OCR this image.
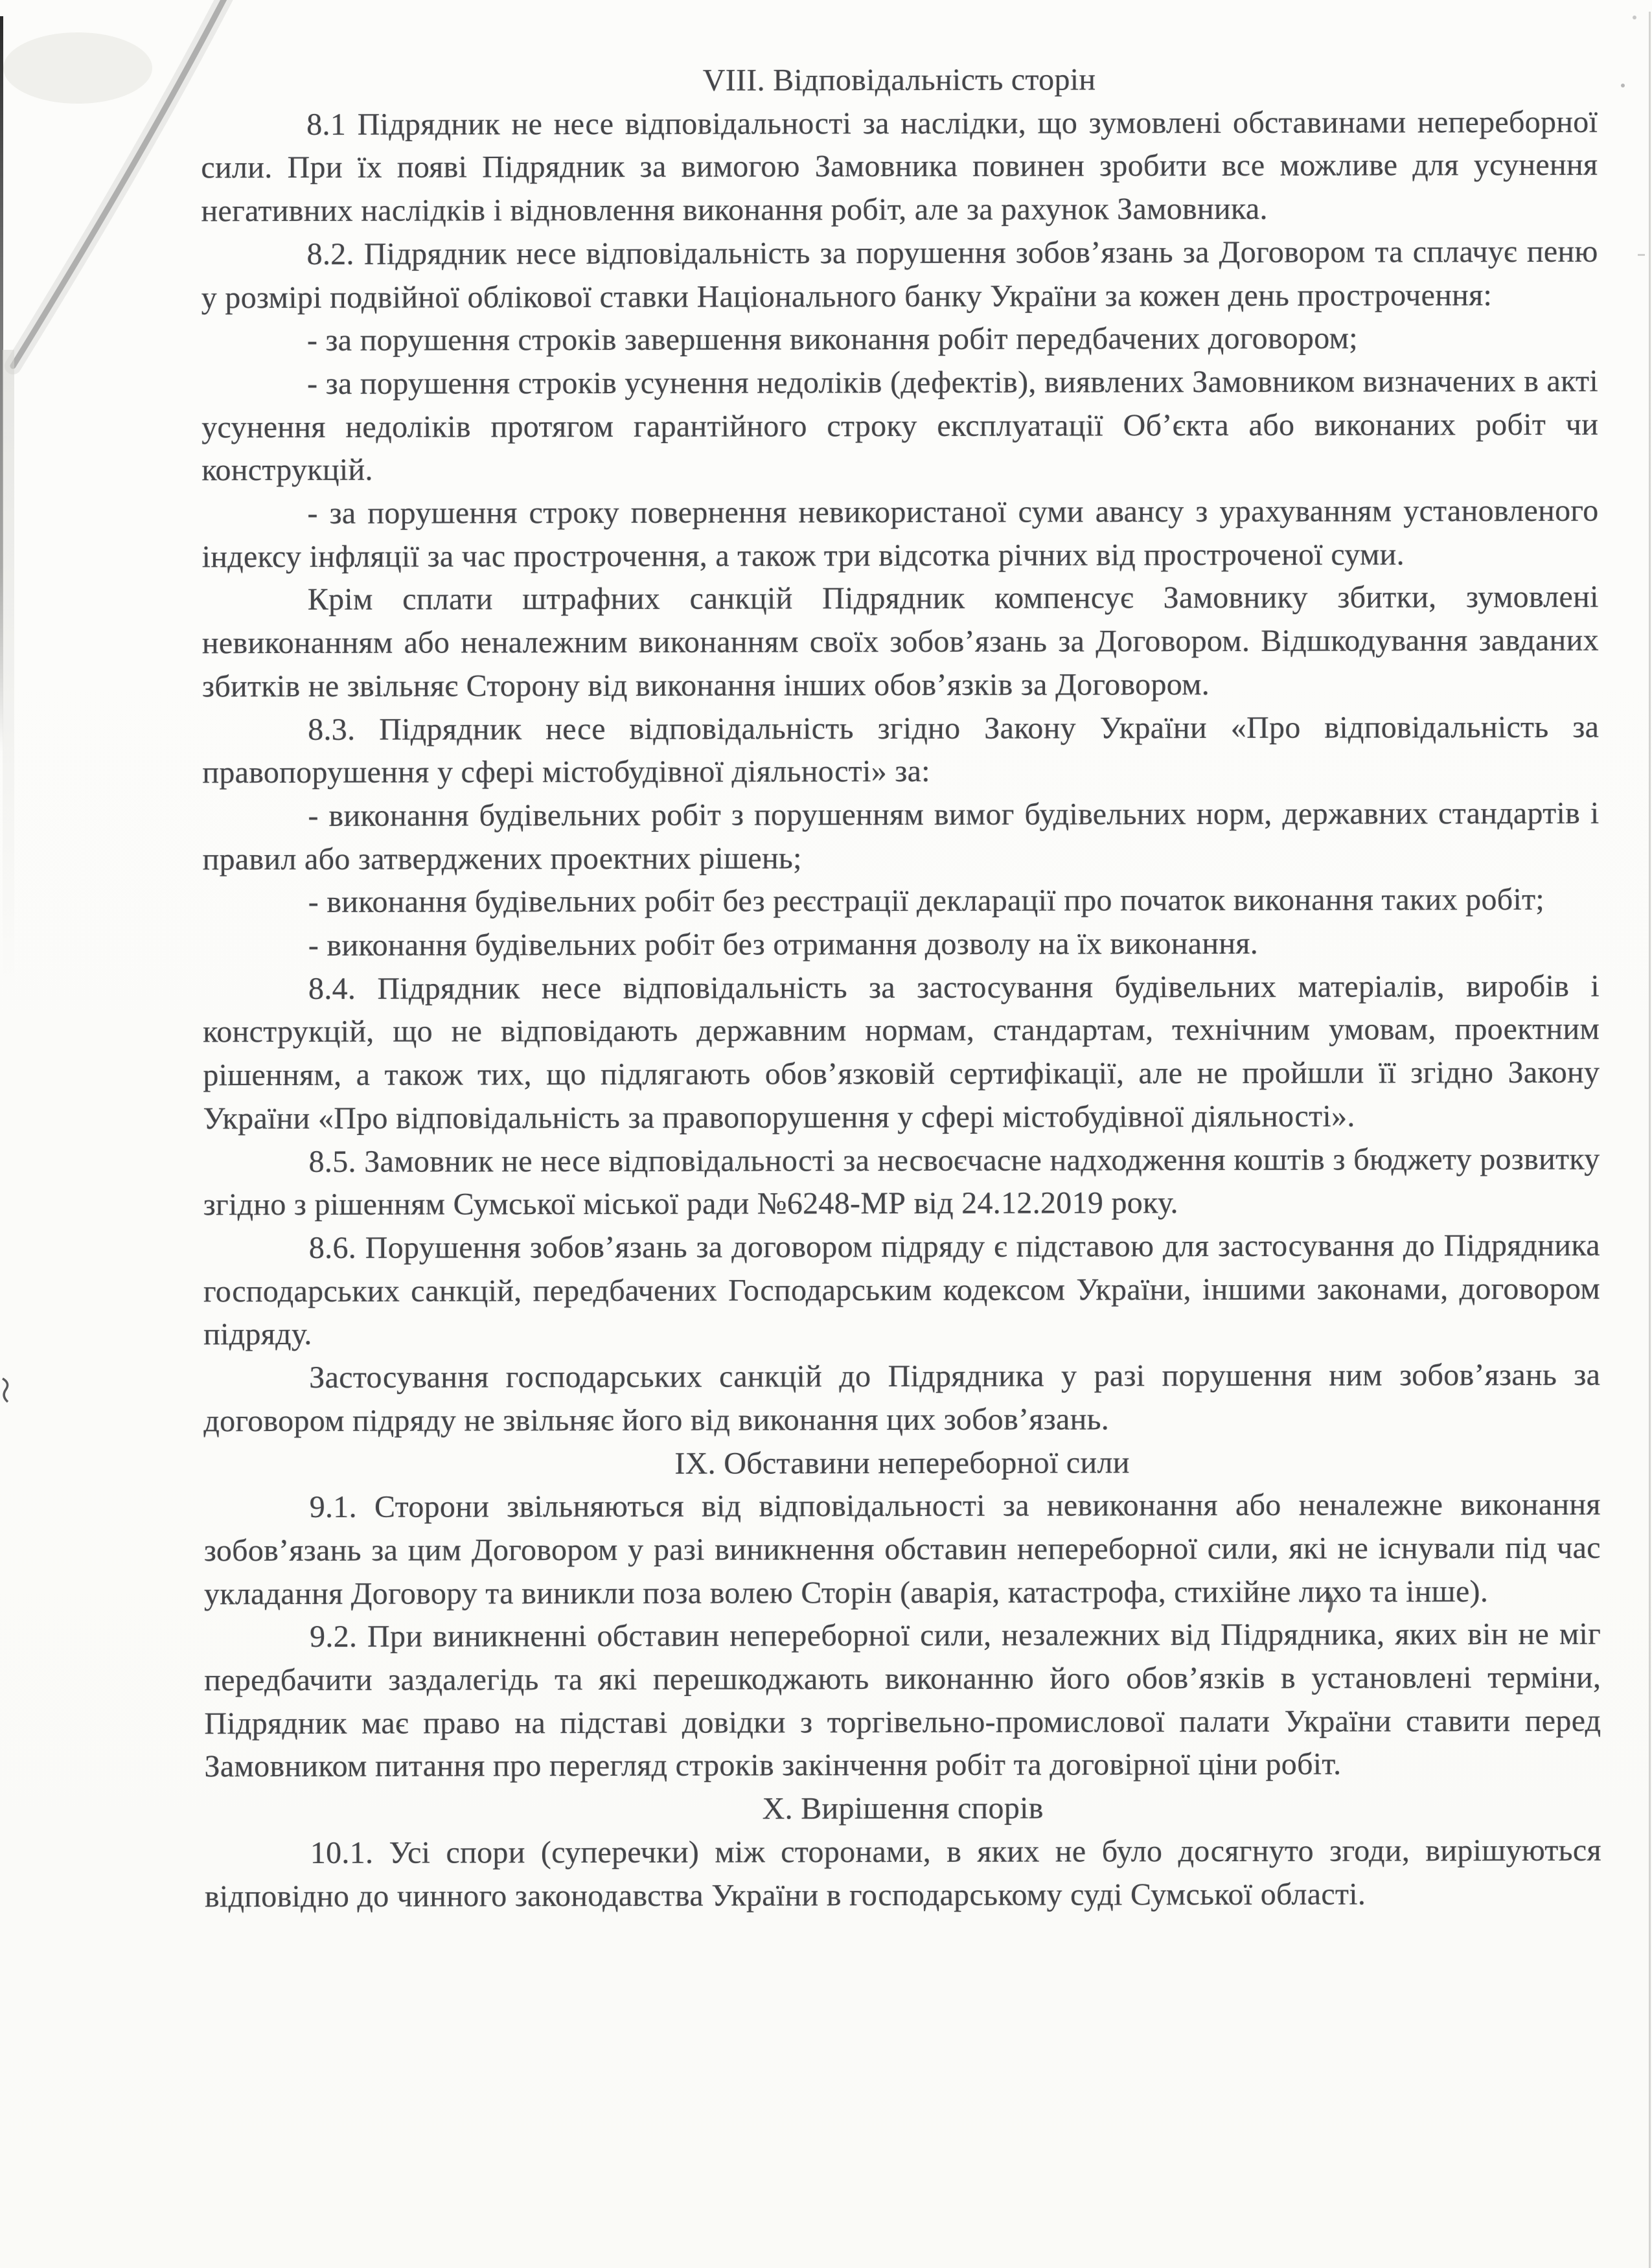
VIII. Відповідальність сторін

8.1 Підрядник не несе відповідальності за наслідки, що зумовлені обставинами непереборної сили. При їх появі Підрядник за вимогою Замовника повинен зробити все можливе для усунення негативних наслідків і відновлення виконання робіт, але за рахунок Замовника.

8.2. Підрядник несе відповідальність за порушення зобов’язань за Договором та сплачує пеню у розмірі подвійної облікової ставки Національного банку України за кожен день прострочення:

- за порушення строків завершення виконання робіт передбачених договором;

- за порушення строків усунення недоліків (дефектів), виявлених Замовником визначених в акті усунення недоліків протягом гарантійного строку експлуатації Об’єкта або виконаних робіт чи конструкцій.

- за порушення строку повернення невикористаної суми авансу з урахуванням установленого індексу інфляції за час прострочення, а також три відсотка річних від простроченої суми.

Крім сплати штрафних санкцій Підрядник компенсує Замовнику збитки, зумовлені невиконанням або неналежним виконанням своїх зобов’язань за Договором. Відшкодування завданих збитків не звільняє Сторону від виконання інших обов’язків за Договором.

8.3. Підрядник несе відповідальність згідно Закону України «Про відповідальність за правопорушення у сфері містобудівної діяльності» за:

- виконання будівельних робіт з порушенням вимог будівельних норм, державних стандартів і правил або затверджених проектних рішень;

- виконання будівельних робіт без реєстрації декларації про початок виконання таких робіт;

- виконання будівельних робіт без отримання дозволу на їх виконання.

8.4. Підрядник несе відповідальність за застосування будівельних матеріалів, виробів і конструкцій, що не відповідають державним нормам, стандартам, технічним умовам, проектним рішенням, а також тих, що підлягають обов’язковій сертифікації, але не пройшли її згідно Закону України «Про відповідальність за правопорушення у сфері містобудівної діяльності».

8.5. Замовник не несе відповідальності за несвоєчасне надходження коштів з бюджету розвитку згідно з рішенням Сумської міської ради №6248-МР від 24.12.2019 року.

8.6. Порушення зобов’язань за договором підряду є підставою для застосування до Підрядника господарських санкцій, передбачених Господарським кодексом України, іншими законами, договором підряду.

Застосування господарських санкцій до Підрядника у разі порушення ним зобов’язань за договором підряду не звільняє його від виконання цих зобов’язань.

IX. Обставини непереборної сили

9.1. Сторони звільняються від відповідальності за невиконання або неналежне виконання зобов’язань за цим Договором у разі виникнення обставин непереборної сили, які не існували під час укладання Договору та виникли поза волею Сторін (аварія, катастрофа, стихійне лихо та інше).

9.2. При виникненні обставин непереборної сили, незалежних від Підрядника, яких він не міг передбачити заздалегідь та які перешкоджають виконанню його обов’язків в установлені терміни, Підрядник має право на підставі довідки з торгівельно-промислової палати України ставити перед Замовником питання про перегляд строків закінчення робіт та договірної ціни робіт.

X. Вирішення спорів

10.1. Усі спори (суперечки) між сторонами, в яких не було досягнуто згоди, вирішуються відповідно до чинного законодавства України в господарському суді Сумської області.
